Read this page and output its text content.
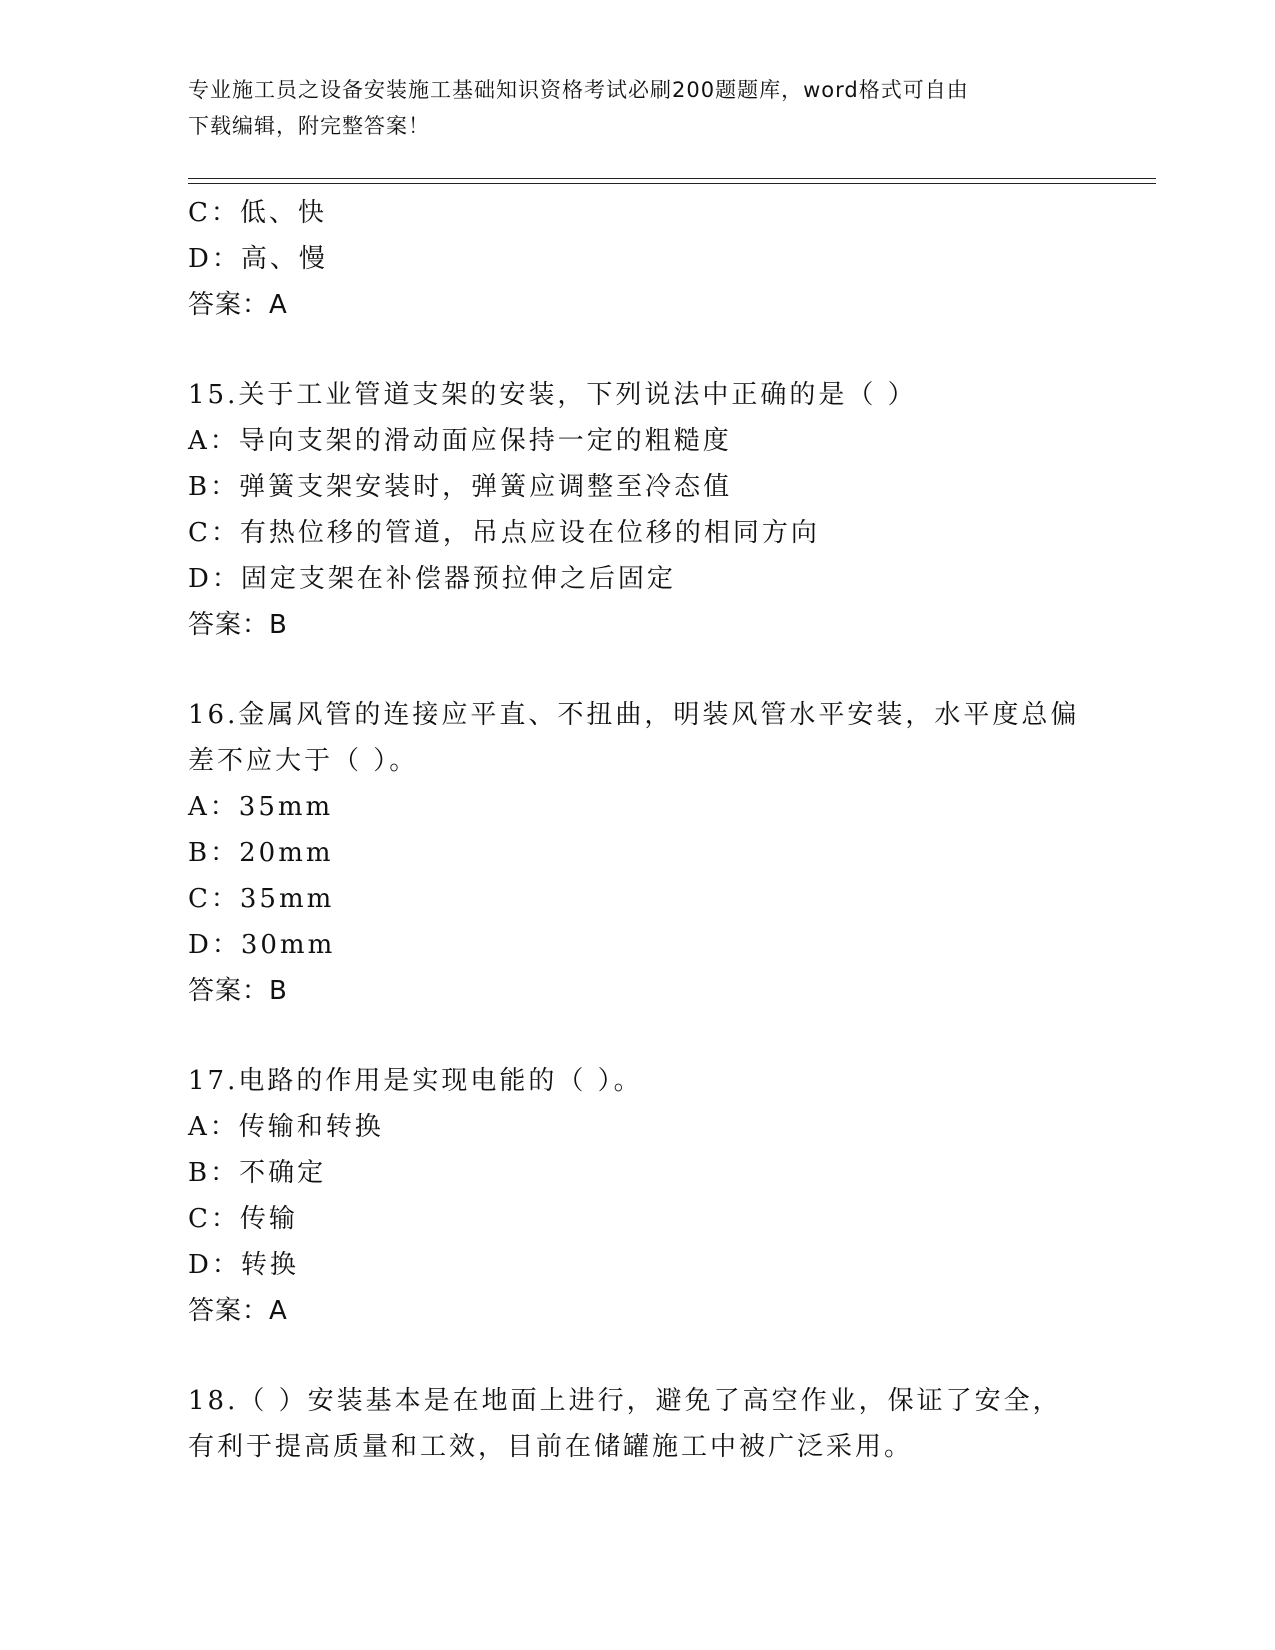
专业施工员之设备安装施工基础知识资格考试必刷200题题库，word格式可自由
下载编辑，附完整答案！
C：低、快
D：高、慢
答案：A
15.关于工业管道支架的安装，下列说法中正确的是（ ）
A：导向支架的滑动面应保持一定的粗糙度
B：弹簧支架安装时，弹簧应调整至冷态值
C：有热位移的管道，吊点应设在位移的相同方向
D：固定支架在补偿器预拉伸之后固定
答案：B
16.金属风管的连接应平直、不扭曲，明装风管水平安装，水平度总偏
差不应大于（ ）。
A：35mm
B：20mm
C：35mm
D：30mm
答案：B
17.电路的作用是实现电能的（ ）。
A：传输和转换
B：不确定
C：传输
D：转换
答案：A
18.（ ）安装基本是在地面上进行，避免了高空作业，保证了安全，
有利于提高质量和工效，目前在储罐施工中被广泛采用。
